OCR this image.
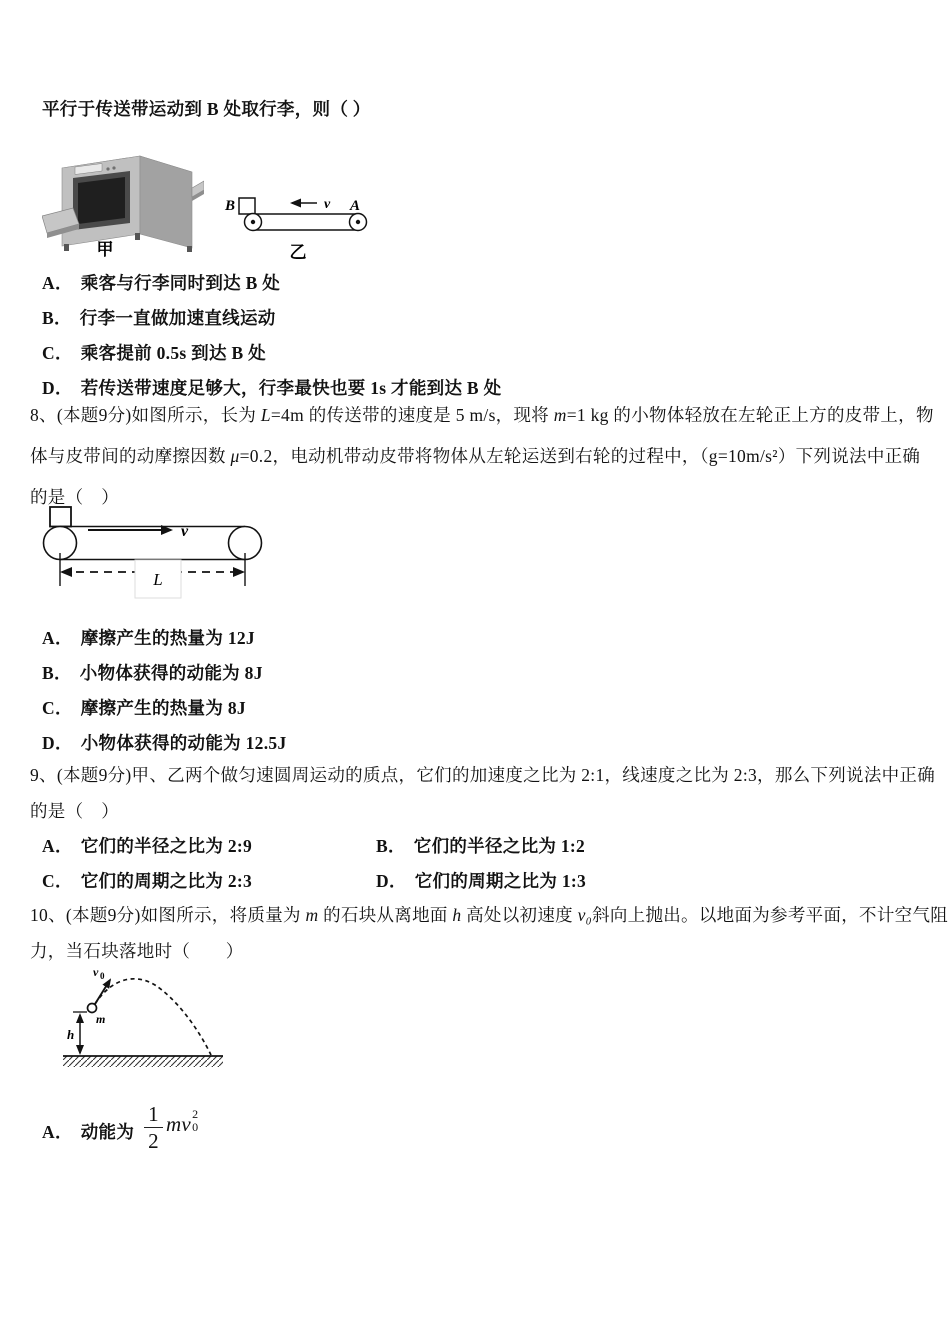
平行于传送带运动到 B 处取行李，则（ ）
甲
B	v A
乙
A． 乘客与行李同时到达 B 处
B． 行李一直做加速直线运动
C． 乘客提前 0.5s 到达 B 处
D． 若传送带速度足够大，行李最快也要 1s 才能到达 B 处
8、(本题9分)如图所示，长为 L=4m 的传送带的速度是 5 m/s，现将 m=1 kg 的小物体轻放在左轮正上方的皮带上，物
体与皮带间的动摩擦因数 μ=0.2，电动机带动皮带将物体从左轮运送到右轮的过程中，（g=10m/s²）下列说法中正确
的是（　）
v
L
A． 摩擦产生的热量为 12J
B． 小物体获得的动能为 8J
C． 摩擦产生的热量为 8J
D． 小物体获得的动能为 12.5J
9、(本题9分)甲、乙两个做匀速圆周运动的质点，它们的加速度之比为 2:1，线速度之比为 2:3，那么下列说法中正确
的是（　）
A． 它们的半径之比为 2:9	B． 它们的半径之比为 1:2
C． 它们的周期之比为 2:3	D． 它们的周期之比为 1:3
10、(本题9分)如图所示，将质量为 m 的石块从离地面 h 高处以初速度 v₀斜向上抛出。以地面为参考平面，不计空气阻
力，当石块落地时（　　）
h
m
v 0
A． 动能为 $\frac{1}{2}$ mv 2
0
